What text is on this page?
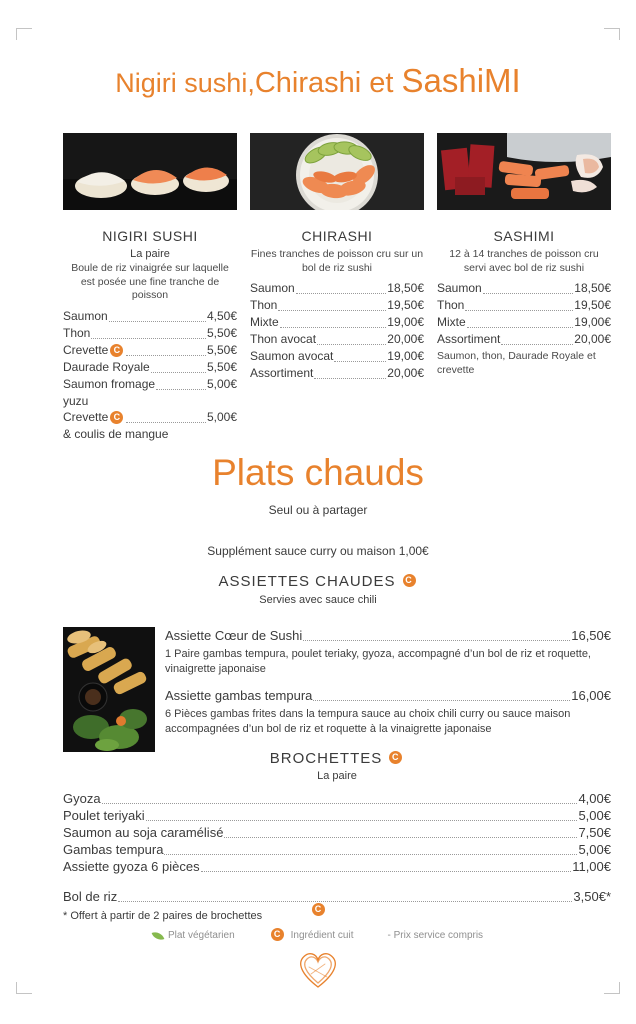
Nigiri sushi,Chirashi et SashiMI
NIGIRI SUSHI
La paire
Boule de riz vinaigrée sur laquelle est posée une fine tranche de poisson
Saumon	4,50€
Thon	5,50€
Crevette C	5,50€
Daurade Royale	5,50€
Saumon fromage	5,00€
yuzu
Crevette C	5,00€
& coulis de mangue
CHIRASHI
Fines tranches de poisson cru sur un bol de riz sushi
Saumon	18,50€
Thon	19,50€
Mixte	19,00€
Thon avocat	20,00€
Saumon avocat	19,00€
Assortiment	20,00€
SASHIMI
12 à 14 tranches de poisson cru servi avec bol de riz sushi
Saumon	18,50€
Thon	19,50€
Mixte	19,00€
Assortiment	20,00€
Saumon, thon, Daurade Royale et crevette
Plats chauds
Seul ou à partager
Supplément sauce curry ou maison 1,00€
ASSIETTES CHAUDES	C
Servies avec sauce chili
Assiette Cœur de Sushi	16,50€
1 Paire gambas tempura, poulet teriaky, gyoza, accompagné d’un bol de riz et roquette, vinaigrette japonaise
Assiette gambas tempura	16,00€
6 Pièces gambas frites dans la tempura sauce au choix chili curry ou sauce maison accompagnées d’un bol de riz et roquette à la vinaigrette japonaise
BROCHETTES	C
La paire
Gyoza	4,00€
Poulet teriyaki	5,00€
Saumon au soja caramélisé	7,50€
Gambas tempura	5,00€
Assiette gyoza 6 pièces	11,00€
Bol de riz	3,50€*
* Offert à partir de 2 paires de brochettes
C
Plat végétarien	C	Ingrédient cuit	- Prix service compris
